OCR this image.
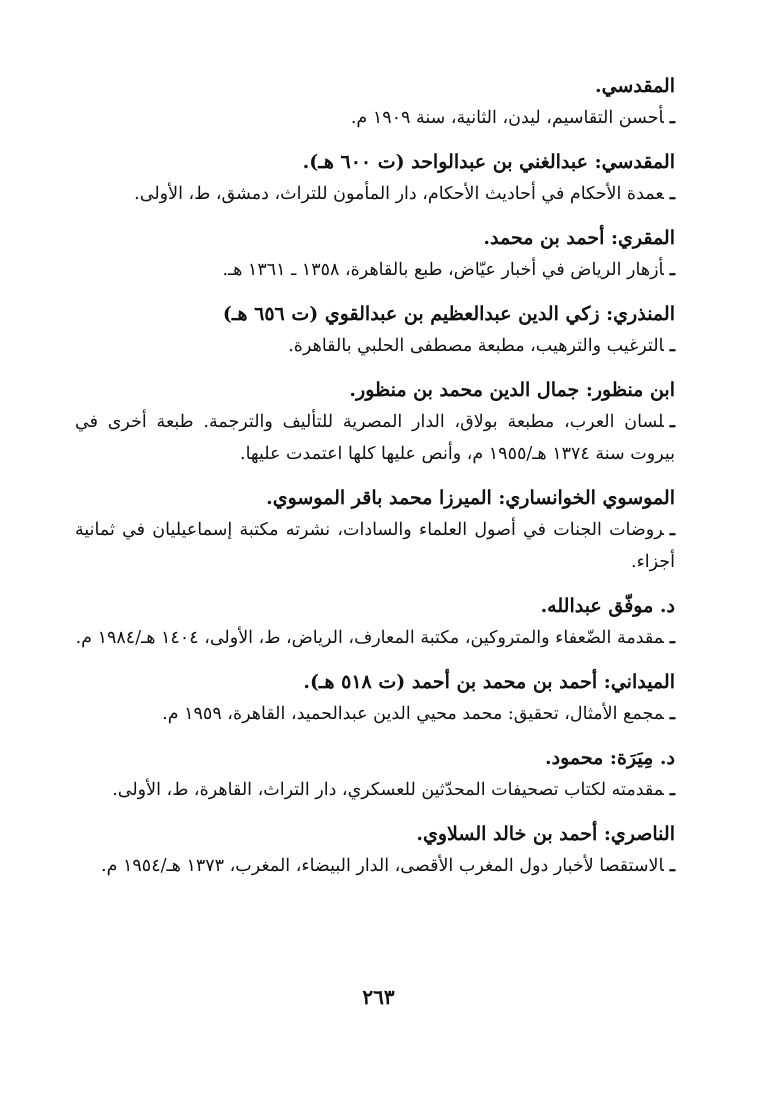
المقدسي.
ـأحسن التقاسيم، ليدن، الثانية، سنة ١٩٠٩ م.
المقدسي: عبدالغني بن عبدالواحد (ت ٦٠٠ هـ).
ـعمدة الأحكام في أحاديث الأحكام، دار المأمون للتراث، دمشق، ط، الأولى.
المقري: أحمد بن محمد.
ـأزهار الرياض في أخبار عيّاض، طبع بالقاهرة، ١٣٥٨ ـ ١٣٦١ هـ.
المنذري: زكي الدين عبدالعظيم بن عبدالقوي (ت ٦٥٦ هـ)
ـالترغيب والترهيب، مطبعة مصطفى الحلبي بالقاهرة.
ابن منظور: جمال الدين محمد بن منظور.
ـلسان العرب، مطبعة بولاق، الدار المصرية للتأليف والترجمة. طبعة أخرى في بيروت سنة ١٣٧٤ هـ/١٩٥٥ م، وأنص عليها كلها اعتمدت عليها.
الموسوي الخوانساري: الميرزا محمد باقر الموسوي.
ـروضات الجنات في أصول العلماء والسادات، نشرته مكتبة إسماعيليان في ثمانية أجزاء.
د. موفّق عبدالله.
ـمقدمة الضّعفاء والمتروكين، مكتبة المعارف، الرياض، ط، الأولى، ١٤٠٤ هـ/١٩٨٤ م.
الميداني: أحمد بن محمد بن أحمد (ت ٥١٨ هـ).
ـمجمع الأمثال، تحقيق: محمد محيي الدين عبدالحميد، القاهرة، ١٩٥٩ م.
د. مِيَرَة: محمود.
ـمقدمته لكتاب تصحيفات المحدّثين للعسكري، دار التراث، القاهرة، ط، الأولى.
الناصري: أحمد بن خالد السلاوي.
ـالاستقصا لأخبار دول المغرب الأقصى، الدار البيضاء، المغرب، ١٣٧٣ هـ/١٩٥٤ م.
٢٦٣
